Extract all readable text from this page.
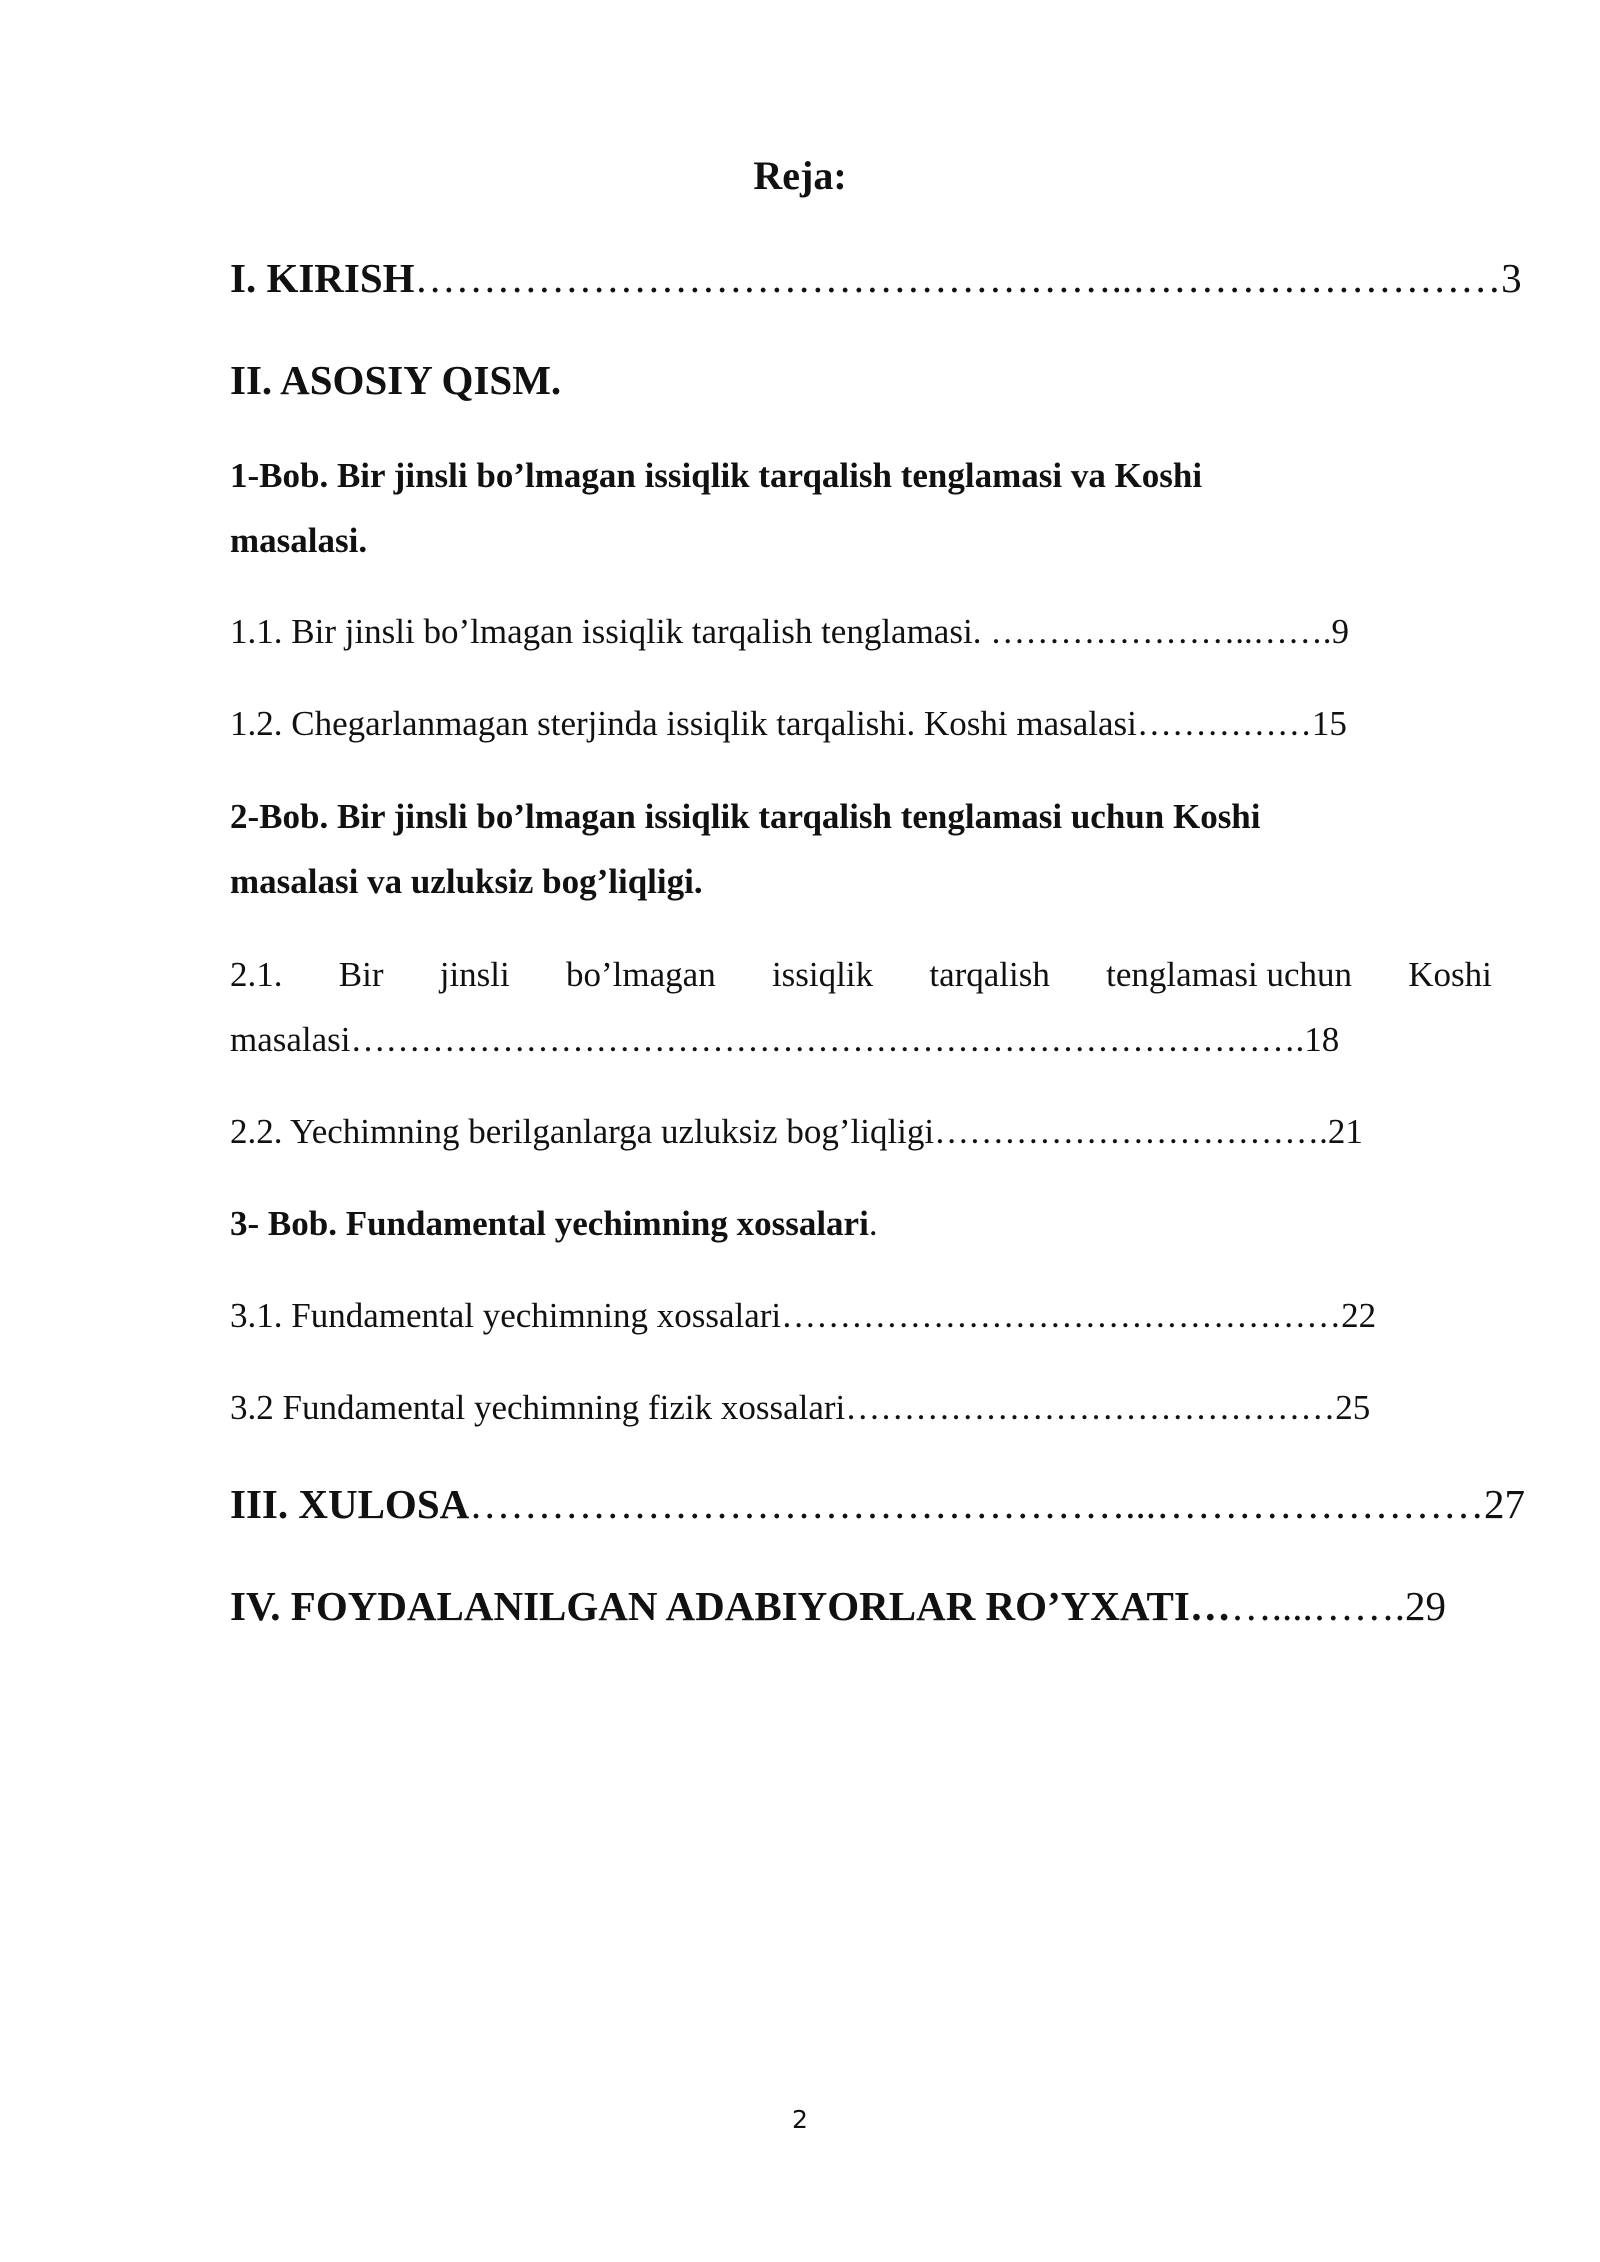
Reja:
I. KIRISH……………………………………………..………………………3
II. ASOSIY QISM.
1-Bob. Bir jinsli bo’lmagan issiqlik tarqalish tenglamasi va Koshi
masalasi.
1.1. Bir jinsli bo’lmagan issiqlik tarqalish tenglamasi. …………………..…….9
1.2. Chegarlanmagan sterjinda issiqlik tarqalishi. Koshi masalasi……………15
2-Bob. Bir jinsli bo’lmagan issiqlik tarqalish tenglamasi uchun Koshi
masalasi va uzluksiz bog’liqligi.
2.1. Bir jinsli bo’lmagan issiqlik tarqalish tenglamasi uchun Koshi
masalasi……………………………………………………………………….18
2.2. Yechimning berilganlarga uzluksiz bog’liqligi…………………………….21
3- Bob. Fundamental yechimning xossalari.
3.1. Fundamental yechimning xossalari…………………………………………22
3.2 Fundamental yechimning fizik xossalari……………………………………25
III. XULOSA…………………………………………...……………………27
IV. FOYDALANILGAN ADABIYORLAR RO’YXATI……....…….29
2
